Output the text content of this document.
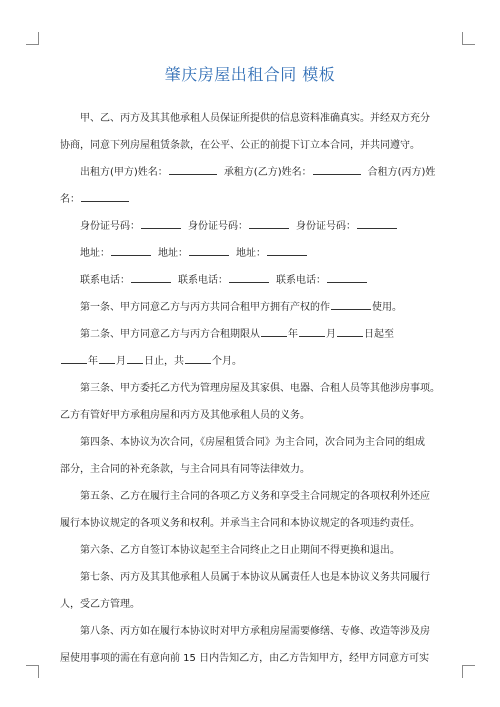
肇庆房屋出租合同 模板
甲、乙、丙方及其其他承租人员保证所提供的信息资料准确真实。并经双方充分
协商，同意下列房屋租赁条款，在公平、公正的前提下订立本合同，并共同遵守。
出租方(甲方)姓名：	承租方(乙方)姓名：	合租方(丙方)姓
名：
身份证号码：	身份证号码：	身份证号码：
地址：	地址：	地址：
联系电话：	联系电话：	联系电话：
第一条、甲方同意乙方与丙方共同合租甲方拥有产权的作	使用。
第二条、甲方同意乙方与丙方合租期限从	年	月	日起至
年 月 日止，共	个月。
第三条、甲方委托乙方代为管理房屋及其家俱、电器、合租人员等其他涉房事项。
乙方有管好甲方承租房屋和丙方及其他承租人员的义务。
第四条、本协议为次合同，《房屋租赁合同》为主合同，次合同为主合同的组成
部分，主合同的补充条款，与主合同具有同等法律效力。
第五条、乙方在履行主合同的各项乙方义务和享受主合同规定的各项权利外还应
履行本协议规定的各项义务和权利。并承当主合同和本协议规定的各项违约责任。
第六条、乙方自签订本协议起至主合同终止之日止期间不得更换和退出。
第七条、丙方及其其他承租人员属于本协议从属责任人也是本协议义务共同履行
人，受乙方管理。
第八条、丙方如在履行本协议时对甲方承租房屋需要修缮、专修、改造等涉及房
屋使用事项的需在有意向前 15 日内告知乙方，由乙方告知甲方，经甲方同意方可实
